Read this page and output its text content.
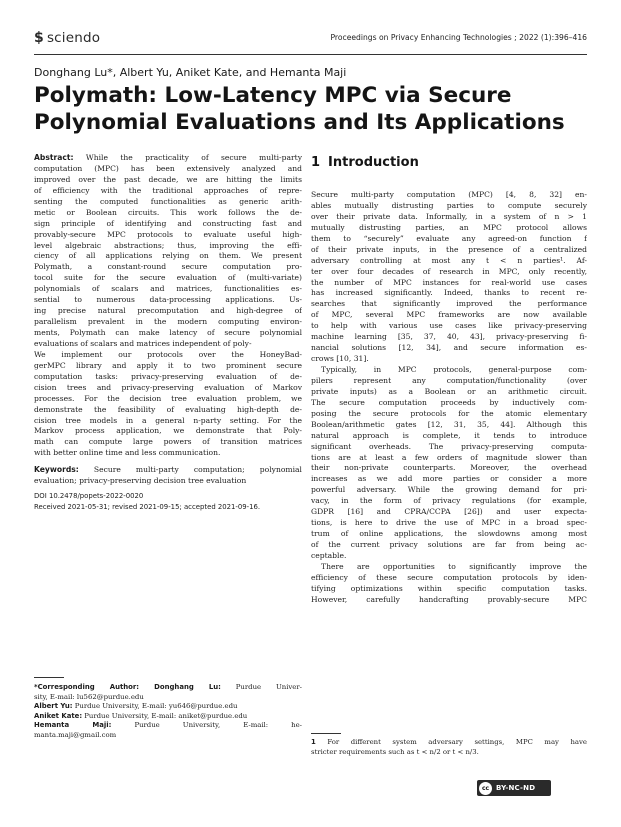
$ sciendo	Proceedings on Privacy Enhancing Technologies ; 2022 (1):396–416
Donghang Lu*, Albert Yu, Aniket Kate, and Hemanta Maji
Polymath: Low-Latency MPC via Secure
Polynomial Evaluations and Its Applications
Abstract: While the practicality of secure multi-party
computation (MPC) has been extensively analyzed and
improved over the past decade, we are hitting the limits
of efficiency with the traditional approaches of repre-
senting the computed functionalities as generic arith-
metic or Boolean circuits. This work follows the de-
sign principle of identifying and constructing fast and
provably-secure MPC protocols to evaluate useful high-
level algebraic abstractions; thus, improving the effi-
ciency of all applications relying on them. We present
Polymath, a constant-round secure computation pro-
tocol suite for the secure evaluation of (multi-variate)
polynomials of scalars and matrices, functionalities es-
sential to numerous data-processing applications. Us-
ing precise natural precomputation and high-degree of
parallelism prevalent in the modern computing environ-
ments, Polymath can make latency of secure polynomial
evaluations of scalars and matrices independent of poly-
We implement our protocols over the HoneyBad-
gerMPC library and apply it to two prominent secure
computation tasks: privacy-preserving evaluation of de-
cision trees and privacy-preserving evaluation of Markov
processes. For the decision tree evaluation problem, we
demonstrate the feasibility of evaluating high-depth de-
cision tree models in a general n-party setting. For the
Markov process application, we demonstrate that Poly-
math can compute large powers of transition matrices
with better online time and less communication.
Keywords: Secure multi-party computation; polynomial
evaluation; privacy-preserving decision tree evaluation
DOI 10.2478/popets-2022-0020
Received 2021-05-31; revised 2021-09-15; accepted 2021-09-16.
*Corresponding Author: Donghang Lu: Purdue Univer-
sity, E-mail: lu562@purdue.edu
Albert Yu: Purdue University, E-mail: yu646@purdue.edu
Aniket Kate: Purdue University, E-mail: aniket@purdue.edu
Hemanta Maji:	Purdue University, E-mail: he-
manta.maji@gmail.com
1 Introduction
Secure multi-party computation (MPC) [4, 8, 32] en-
ables mutually distrusting parties to compute securely
over their private data. Informally, in a system of n > 1
mutually distrusting parties, an MPC protocol allows
them to “securely” evaluate any agreed-on function f
of their private inputs, in the presence of a centralized
adversary controlling at most any t < n parties¹. Af-
ter over four decades of research in MPC, only recently,
the number of MPC instances for real-world use cases
has increased significantly. Indeed, thanks to recent re-
searches that significantly improved the performance
of MPC, several MPC frameworks are now available
to help with various use cases like privacy-preserving
machine learning [35, 37, 40, 43], privacy-preserving fi-
nancial solutions [12, 34], and secure information es-
crows [10, 31].
Typically, in MPC protocols, general-purpose com-
pilers represent any computation/functionality (over
private inputs) as a Boolean or an arithmetic circuit.
The secure computation proceeds by inductively com-
posing the secure protocols for the atomic elementary
Boolean/arithmetic gates [12, 31, 35, 44]. Although this
natural approach is complete, it tends to introduce
significant overheads. The privacy-preserving computa-
tions are at least a few orders of magnitude slower than
their non-private counterparts. Moreover, the overhead
increases as we add more parties or consider a more
powerful adversary. While the growing demand for pri-
vacy, in the form of privacy regulations (for example,
GDPR [16] and CPRA/CCPA [26]) and user expecta-
tions, is here to drive the use of MPC in a broad spec-
trum of online applications, the slowdowns among most
of the current privacy solutions are far from being ac-
ceptable.
There are opportunities to significantly improve the
efficiency of these secure computation protocols by iden-
tifying optimizations within specific computation tasks.
However, carefully handcrafting provably-secure MPC
1 For different system adversary settings, MPC may have
stricter requirements such as t < n/2 or t < n/3.
cc BY-NC-ND
